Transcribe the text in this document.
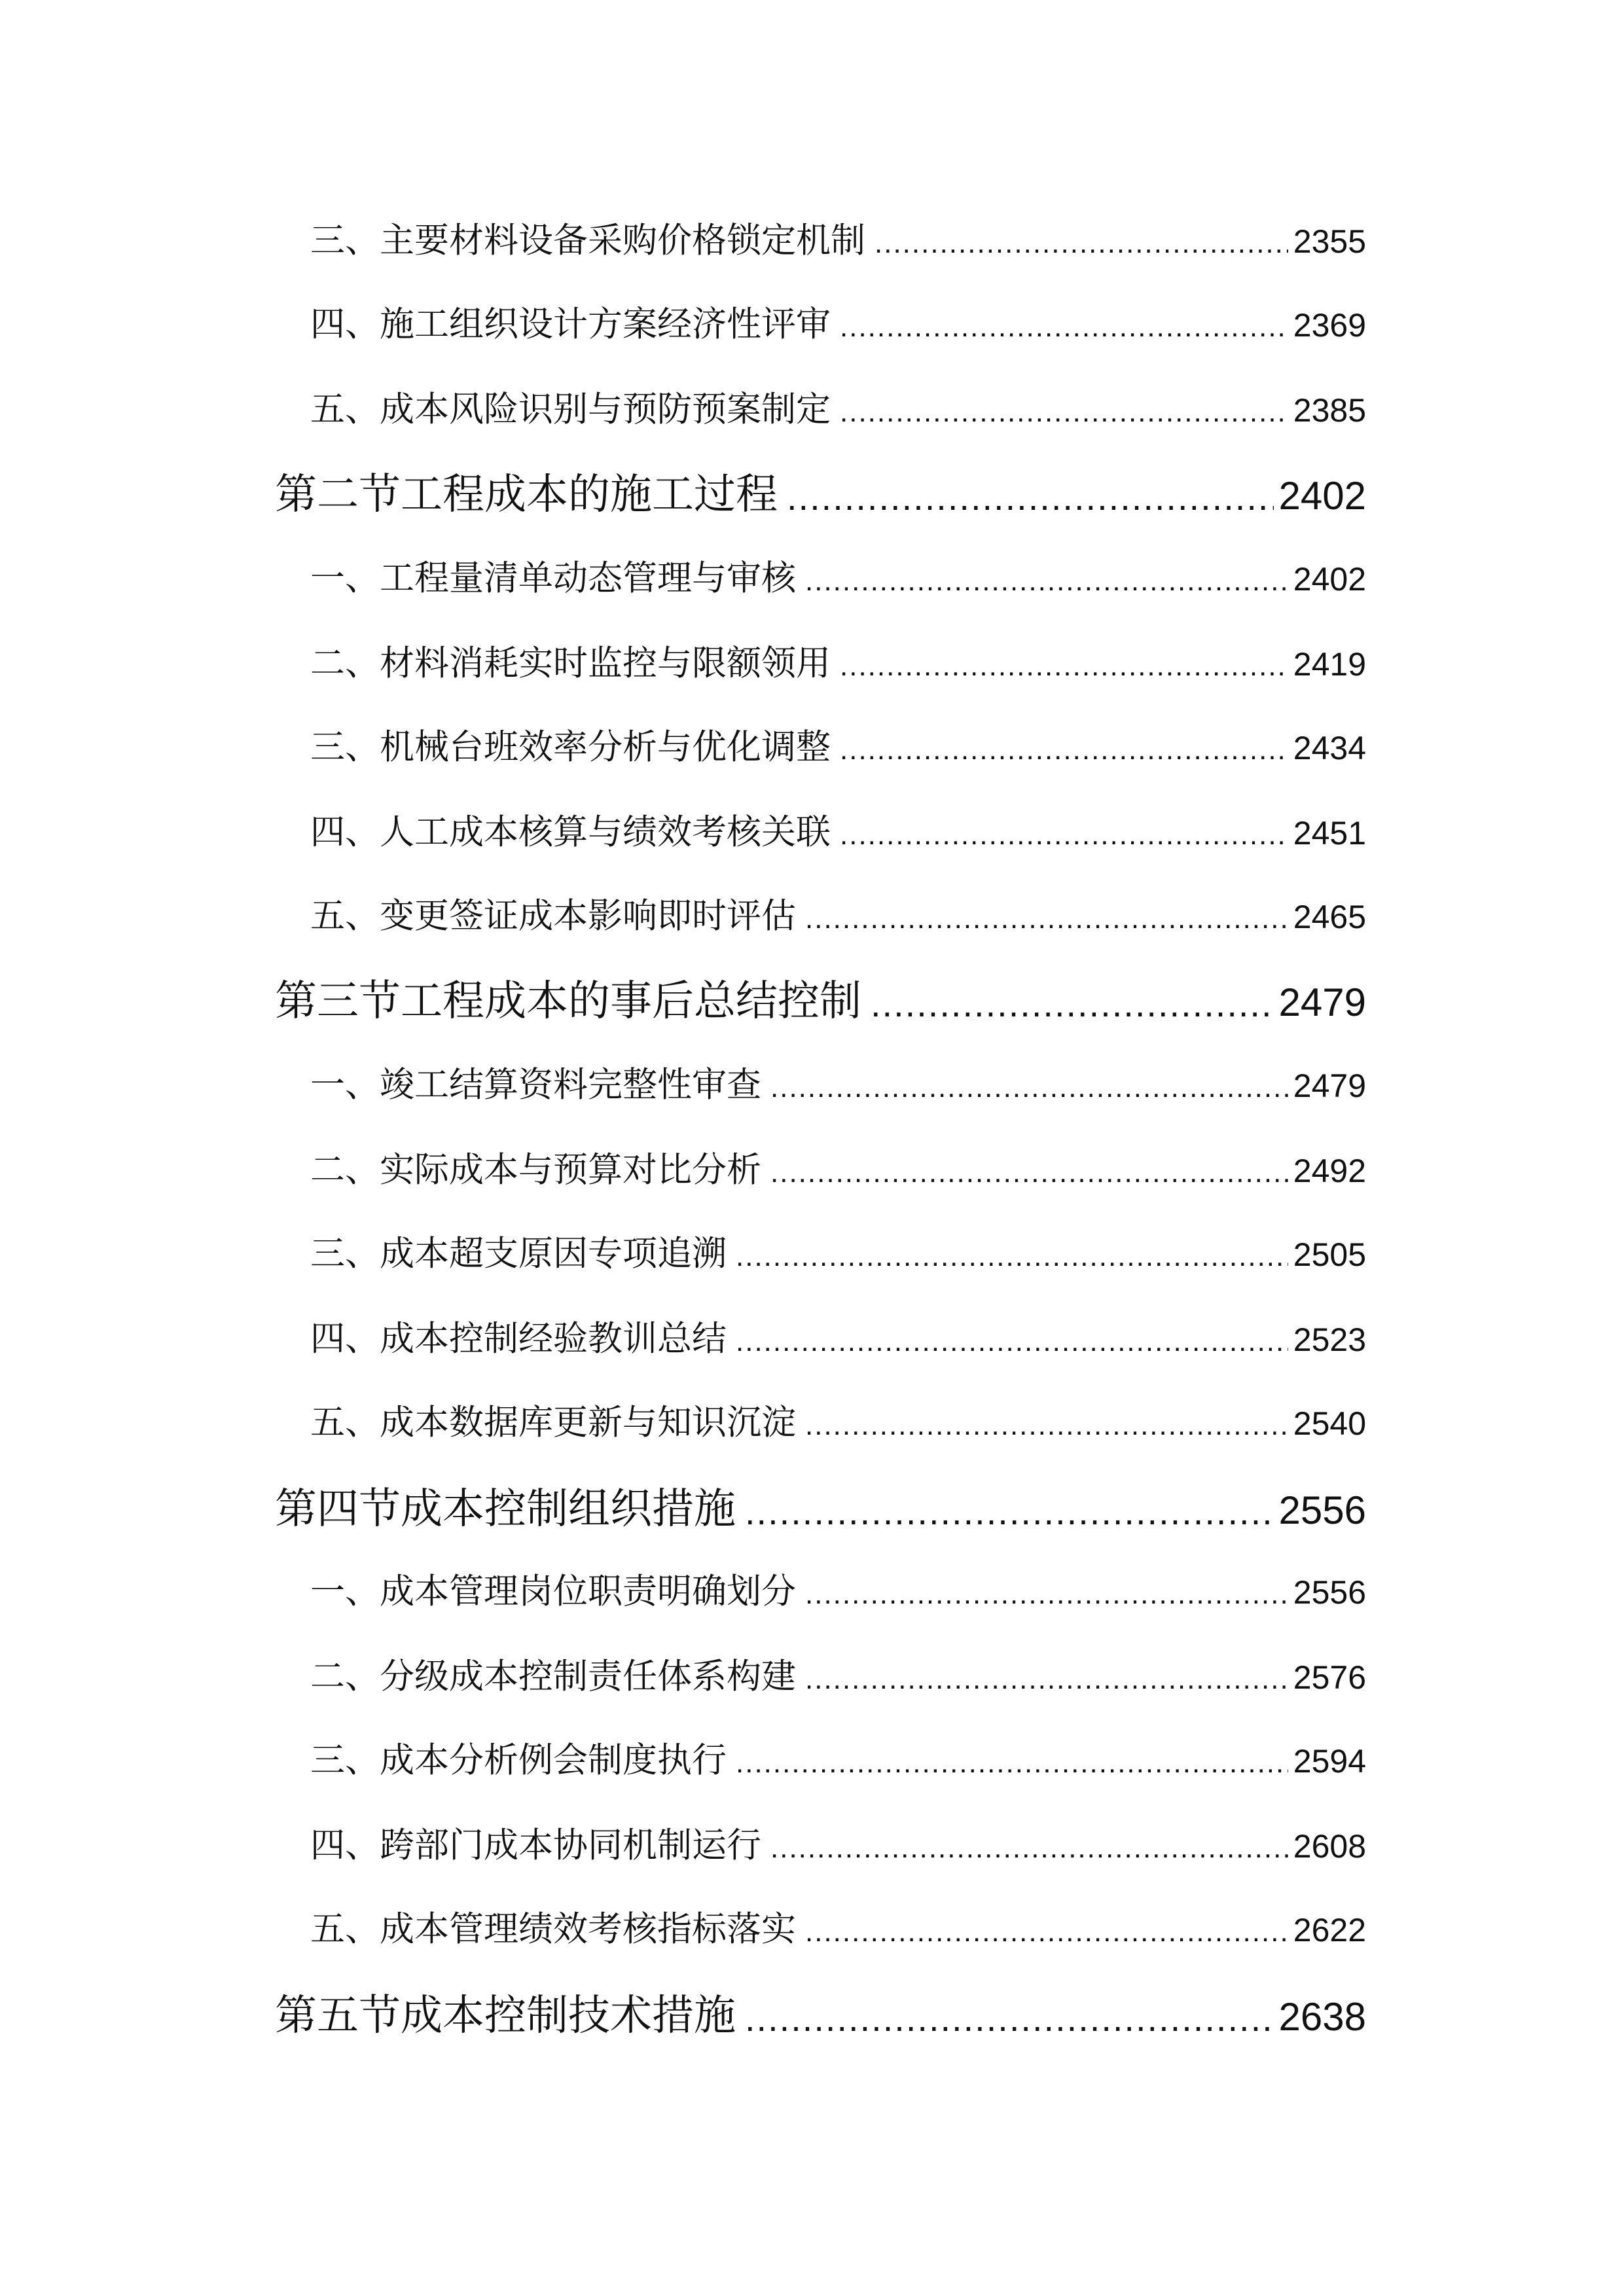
三、主要材料设备采购价格锁定机制 .....	2355
四、施工组织设计方案经济性评审 .....	2369
五、成本风险识别与预防预案制定 .....	2385
第二节工程成本的施工过程 .....	2402
一、工程量清单动态管理与审核 .....	2402
二、材料消耗实时监控与限额领用 .....	2419
三、机械台班效率分析与优化调整 .....	2434
四、人工成本核算与绩效考核关联 .....	2451
五、变更签证成本影响即时评估 .....	2465
第三节工程成本的事后总结控制 .....	2479
一、竣工结算资料完整性审查 .....	2479
二、实际成本与预算对比分析 .....	2492
三、成本超支原因专项追溯 .....	2505
四、成本控制经验教训总结 .....	2523
五、成本数据库更新与知识沉淀 .....	2540
第四节成本控制组织措施 .....	2556
一、成本管理岗位职责明确划分 .....	2556
二、分级成本控制责任体系构建 .....	2576
三、成本分析例会制度执行 .....	2594
四、跨部门成本协同机制运行 .....	2608
五、成本管理绩效考核指标落实 .....	2622
第五节成本控制技术措施 .....	2638
